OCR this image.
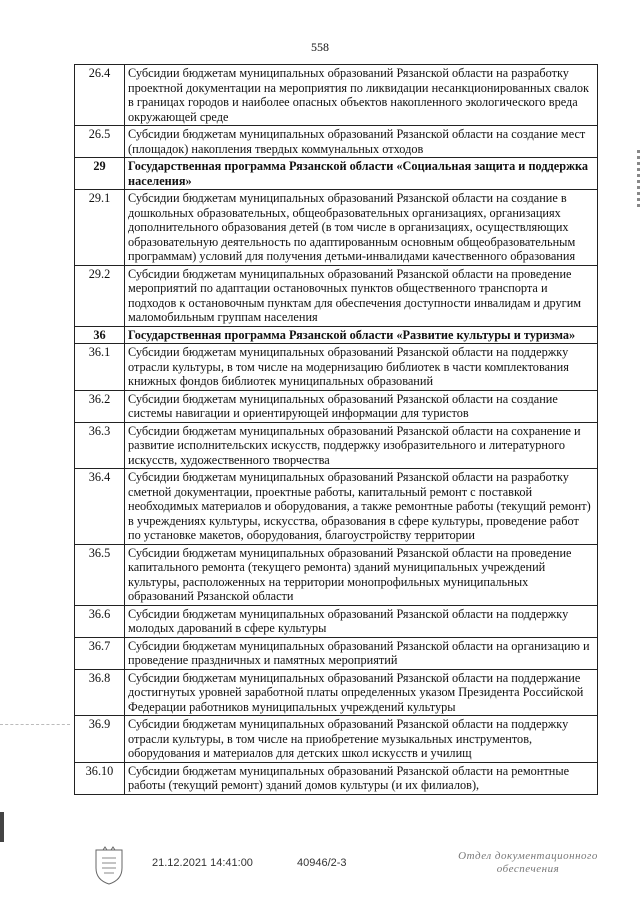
558
26.4	Субсидии бюджетам муниципальных образований Рязанской области на разработку проектной документации на мероприятия по ликвидации несанкционированных свалок в границах городов и наиболее опасных объектов накопленного экологического вреда окружающей среде
26.5	Субсидии бюджетам муниципальных образований Рязанской области на создание мест (площадок) накопления твердых коммунальных отходов
29	Государственная программа Рязанской области «Социальная защита и поддержка населения»
29.1	Субсидии бюджетам муниципальных образований Рязанской области на создание в дошкольных образовательных, общеобразовательных организациях, организациях дополнительного образования детей (в том числе в организациях, осуществляющих образовательную деятельность по адаптированным основным общеобразовательным программам) условий для получения детьми-инвалидами качественного образования
29.2	Субсидии бюджетам муниципальных образований Рязанской области на проведение мероприятий по адаптации остановочных пунктов общественного транспорта и подходов к остановочным пунктам для обеспечения доступности инвалидам и другим маломобильным группам населения
36	Государственная программа Рязанской области «Развитие культуры и туризма»
36.1	Субсидии бюджетам муниципальных образований Рязанской области на поддержку отрасли культуры, в том числе на модернизацию библиотек в части комплектования книжных фондов библиотек муниципальных образований
36.2	Субсидии бюджетам муниципальных образований Рязанской области на создание системы навигации и ориентирующей информации для туристов
36.3	Субсидии бюджетам муниципальных образований Рязанской области на сохранение и развитие исполнительских искусств, поддержку изобразительного и литературного искусств, художественного творчества
36.4	Субсидии бюджетам муниципальных образований Рязанской области на разработку сметной документации, проектные работы, капитальный ремонт с поставкой необходимых материалов и оборудования, а также ремонтные работы (текущий ремонт) в учреждениях культуры, искусства, образования в сфере культуры, проведение работ по установке макетов, оборудования, благоустройству территории
36.5	Субсидии бюджетам муниципальных образований Рязанской области на проведение капитального ремонта (текущего ремонта) зданий муниципальных учреждений культуры, расположенных на территории монопрофильных муниципальных образований Рязанской области
36.6	Субсидии бюджетам муниципальных образований Рязанской области на поддержку молодых дарований в сфере культуры
36.7	Субсидии бюджетам муниципальных образований Рязанской области на организацию и проведение праздничных и памятных мероприятий
36.8	Субсидии бюджетам муниципальных образований Рязанской области на поддержание достигнутых уровней заработной платы определенных указом Президента Российской Федерации работников муниципальных учреждений культуры
36.9	Субсидии бюджетам муниципальных образований Рязанской области на поддержку отрасли культуры, в том числе на приобретение музыкальных инструментов, оборудования и материалов для детских школ искусств и училищ
36.10	Субсидии бюджетам муниципальных образований Рязанской области на ремонтные работы (текущий ремонт) зданий домов культуры (и их филиалов),
21.12.2021 14:41:00	40946/2-3
Отдел документационного обеспечения
